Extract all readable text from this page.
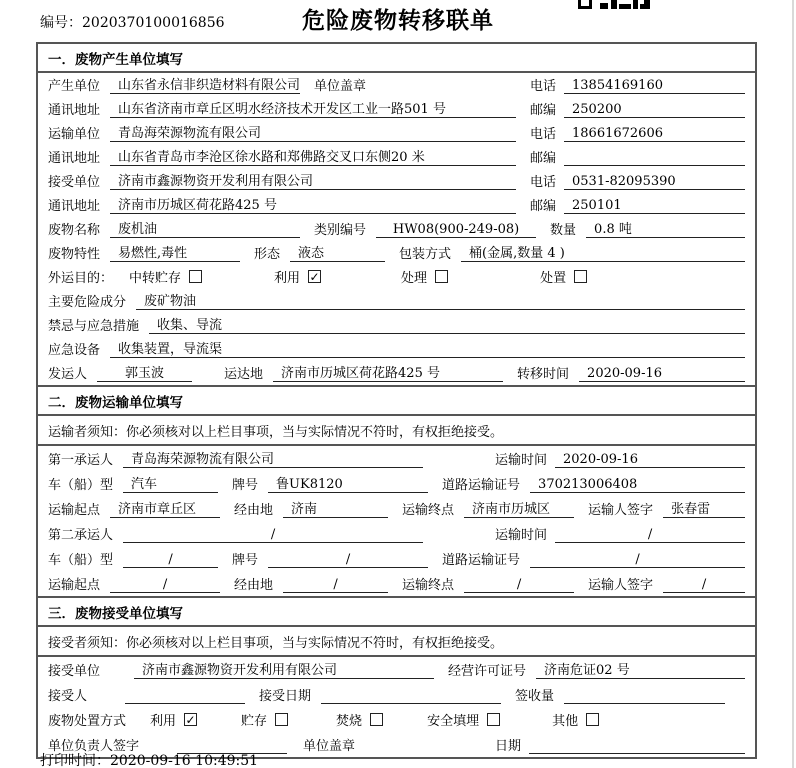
编号：2020370100016856	危险废物转移联单
一．废物产生单位填写
产生单位	山东省永信非织造材料有限公司 单位盖章	电话	13854169160
通讯地址	山东省济南市章丘区明水经济技术开发区工业一路501 号	邮编	250200
运输单位	青岛海荣源物流有限公司	电话	18661672606
通讯地址	山东省青岛市李沧区徐水路和郑佛路交叉口东侧20 米	邮编
接受单位	济南市鑫源物资开发利用有限公司	电话	0531-82095390
通讯地址	济南市历城区荷花路425 号	邮编	250101
废物名称	废机油	类别编号	HW08(900-249-08)	数量	0.8 吨
废物特性	易燃性,毒性	形态	液态	包装方式	桶(金属,数量 4 )
外运目的： 中转贮存	利用 ✓	处理	处置
主要危险成分	废矿物油
禁忌与应急措施	收集、导流
应急设备	收集装置，导流渠
发运人	郭玉波	运达地	济南市历城区荷花路425 号	转移时间	2020-09-16
二．废物运输单位填写
运输者须知：你必须核对以上栏目事项，当与实际情况不符时，有权拒绝接受。
第一承运人	青岛海荣源物流有限公司	运输时间	2020-09-16
车（船）型	汽车	牌号	鲁UK8120	道路运输证号	370213006408
运输起点	济南市章丘区	经由地	济南	运输终点	济南市历城区	运输人签字	张春雷
第二承运人	/	运输时间	/
车（船）型	/	牌号	/	道路运输证号	/
运输起点	/	经由地	/	运输终点	/	运输人签字	/
三．废物接受单位填写
接受者须知：你必须核对以上栏目事项，当与实际情况不符时，有权拒绝接受。
接受单位	济南市鑫源物资开发利用有限公司	经营许可证号	济南危证02 号
接受人	接受日期	签收量
废物处置方式 利用 ✓	贮存	焚烧	安全填埋	其他
单位负责人签字	单位盖章	日期
打印时间：2020-09-16 10:49:51
